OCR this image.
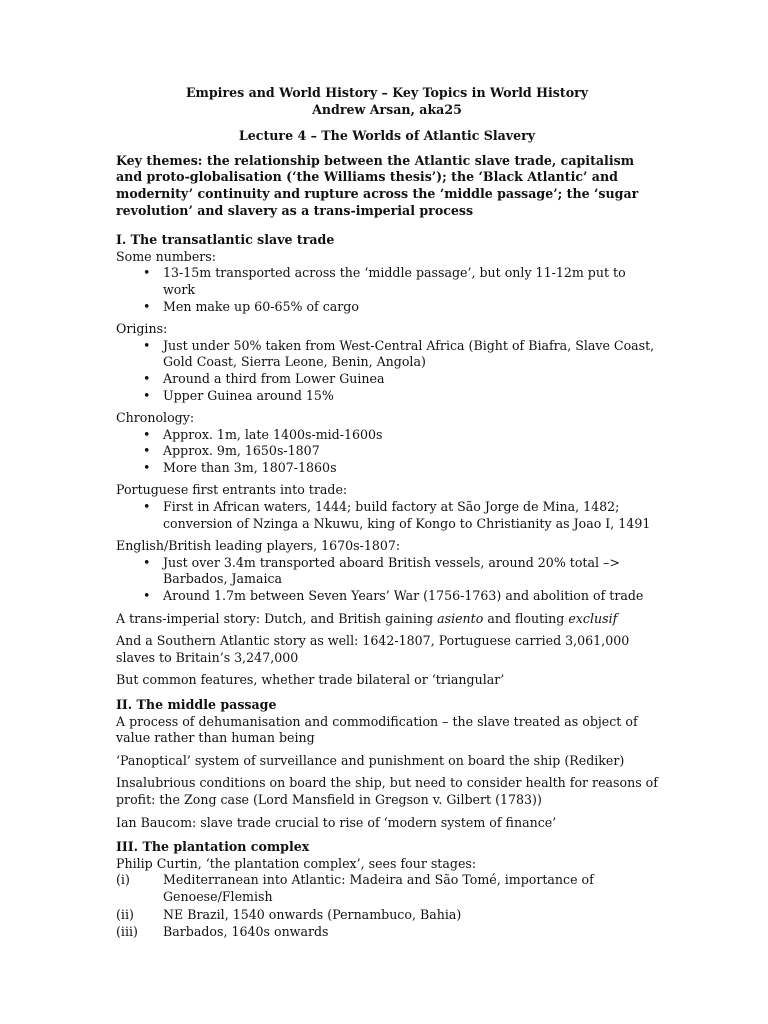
Empires and World History – Key Topics in World History
Andrew Arsan, aka25
Lecture 4 – The Worlds of Atlantic Slavery
Key themes: the relationship between the Atlantic slave trade, capitalism and proto-globalisation (‘the Williams thesis’); the ‘Black Atlantic’ and modernity’ continuity and rupture across the ‘middle passage’; the ‘sugar revolution’ and slavery as a trans-imperial process
I. The transatlantic slave trade
Some numbers:
• 13-15m transported across the ‘middle passage’, but only 11-12m put to work
• Men make up 60-65% of cargo
Origins:
• Just under 50% taken from West-Central Africa (Bight of Biafra, Slave Coast, Gold Coast, Sierra Leone, Benin, Angola)
• Around a third from Lower Guinea
• Upper Guinea around 15%
Chronology:
• Approx. 1m, late 1400s-mid-1600s
• Approx. 9m, 1650s-1807
• More than 3m, 1807-1860s
Portuguese first entrants into trade:
• First in African waters, 1444; build factory at São Jorge de Mina, 1482; conversion of Nzinga a Nkuwu, king of Kongo to Christianity as Joao I, 1491
English/British leading players, 1670s-1807:
• Just over 3.4m transported aboard British vessels, around 20% total –> Barbados, Jamaica
• Around 1.7m between Seven Years’ War (1756-1763) and abolition of trade

A trans-imperial story: Dutch, and British gaining asiento and flouting exclusif

And a Southern Atlantic story as well: 1642-1807, Portuguese carried 3,061,000 slaves to Britain’s 3,247,000

But common features, whether trade bilateral or ‘triangular’

II. The middle passage

A process of dehumanisation and commodification – the slave treated as object of value rather than human being

‘Panoptical’ system of surveillance and punishment on board the ship (Rediker)

Insalubrious conditions on board the ship, but need to consider health for reasons of profit: the Zong case (Lord Mansfield in Gregson v. Gilbert (1783))

Ian Baucom: slave trade crucial to rise of ‘modern system of finance’

III. The plantation complex
Philip Curtin, ‘the plantation complex’, sees four stages:
(i)	Mediterranean into Atlantic: Madeira and São Tomé, importance of Genoese/Flemish
(ii) NE Brazil, 1540 onwards (Pernambuco, Bahia)
(iii) Barbados, 1640s onwards
